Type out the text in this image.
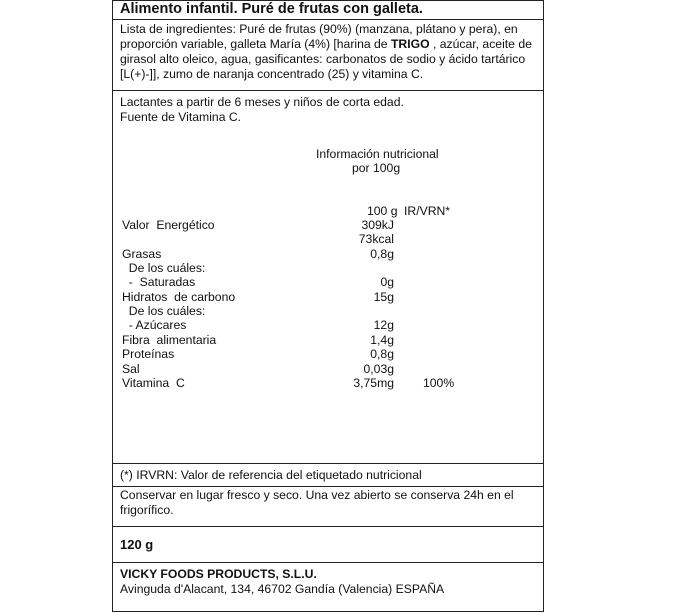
Alimento infantil. Puré de frutas con galleta.
Lista de ingredientes: Puré de frutas (90%) (manzana, plátano y pera), en proporción variable, galleta María (4%) [harina de TRIGO , azúcar, aceite de girasol alto oleico, agua, gasificantes: carbonatos de sodio y ácido tartárico [L(+)-]], zumo de naranja concentrado (25) y vitamina C.
Lactantes a partir de 6 meses y niños de corta edad.
Fuente de Vitamina C.
Información nutricional
por 100g
100 g IR/VRN*
Valor  Energético	309kJ
73kcal
Grasas	0,8g
De los cuáles:
-  Saturadas	0g
Hidratos  de carbono	15g
De los cuáles:
- Azúcares	12g
Fibra  alimentaria	1,4g
Proteínas	0,8g
Sal	0,03g
Vitamina  C	3,75mg 100%
(*) IRVRN: Valor de referencia del etiquetado nutricional
Conservar en lugar fresco y seco. Una vez abierto se conserva 24h en el
frigorífico.
120 g
VICKY FOODS PRODUCTS, S.L.U.
Avinguda d'Alacant, 134, 46702 Gandía (Valencia) ESPAÑA
